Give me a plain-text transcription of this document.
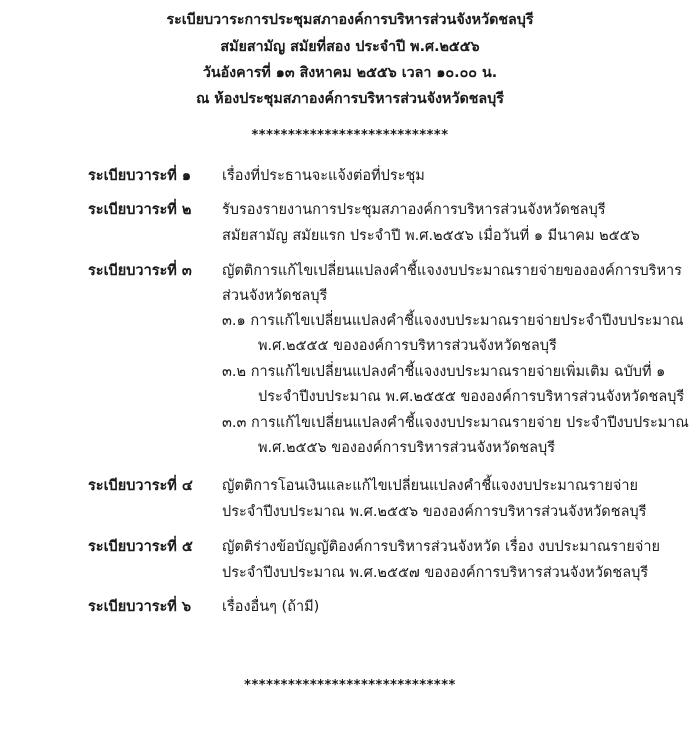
ระเบียบวาระการประชุมสภาองค์การบริหารส่วนจังหวัดชลบุรี
สมัยสามัญ สมัยที่สอง ประจำปี พ.ศ.๒๕๕๖
วันอังคารที่ ๑๓ สิงหาคม ๒๕๕๖ เวลา ๑๐.๐๐ น.
ณ ห้องประชุมสภาองค์การบริหารส่วนจังหวัดชลบุรี
***************************
ระเบียบวาระที่ ๑ เรื่องที่ประธานจะแจ้งต่อที่ประชุม
ระเบียบวาระที่ ๒ รับรองรายงานการประชุมสภาองค์การบริหารส่วนจังหวัดชลบุรี
สมัยสามัญ สมัยแรก ประจำปี พ.ศ.๒๕๕๖ เมื่อวันที่ ๑ มีนาคม ๒๕๕๖
ระเบียบวาระที่ ๓ ญัตติการแก้ไขเปลี่ยนแปลงคำชี้แจงงบประมาณรายจ่ายขององค์การบริหาร
ส่วนจังหวัดชลบุรี
๓.๑ การแก้ไขเปลี่ยนแปลงคำชี้แจงงบประมาณรายจ่ายประจำปีงบประมาณ
พ.ศ.๒๕๕๕ ขององค์การบริหารส่วนจังหวัดชลบุรี
๓.๒ การแก้ไขเปลี่ยนแปลงคำชี้แจงงบประมาณรายจ่ายเพิ่มเติม ฉบับที่ ๑
ประจำปีงบประมาณ พ.ศ.๒๕๕๕ ขององค์การบริหารส่วนจังหวัดชลบุรี
๓.๓ การแก้ไขเปลี่ยนแปลงคำชี้แจงงบประมาณรายจ่าย ประจำปีงบประมาณ
พ.ศ.๒๕๕๖ ขององค์การบริหารส่วนจังหวัดชลบุรี
ระเบียบวาระที่ ๔ ญัตติการโอนเงินและแก้ไขเปลี่ยนแปลงคำชี้แจงงบประมาณรายจ่าย
ประจำปีงบประมาณ พ.ศ.๒๕๕๖ ขององค์การบริหารส่วนจังหวัดชลบุรี
ระเบียบวาระที่ ๕ ญัตติร่างข้อบัญญัติองค์การบริหารส่วนจังหวัด เรื่อง งบประมาณรายจ่าย
ประจำปีงบประมาณ พ.ศ.๒๕๕๗ ขององค์การบริหารส่วนจังหวัดชลบุรี
ระเบียบวาระที่ ๖ เรื่องอื่นๆ (ถ้ามี)
*****************************
